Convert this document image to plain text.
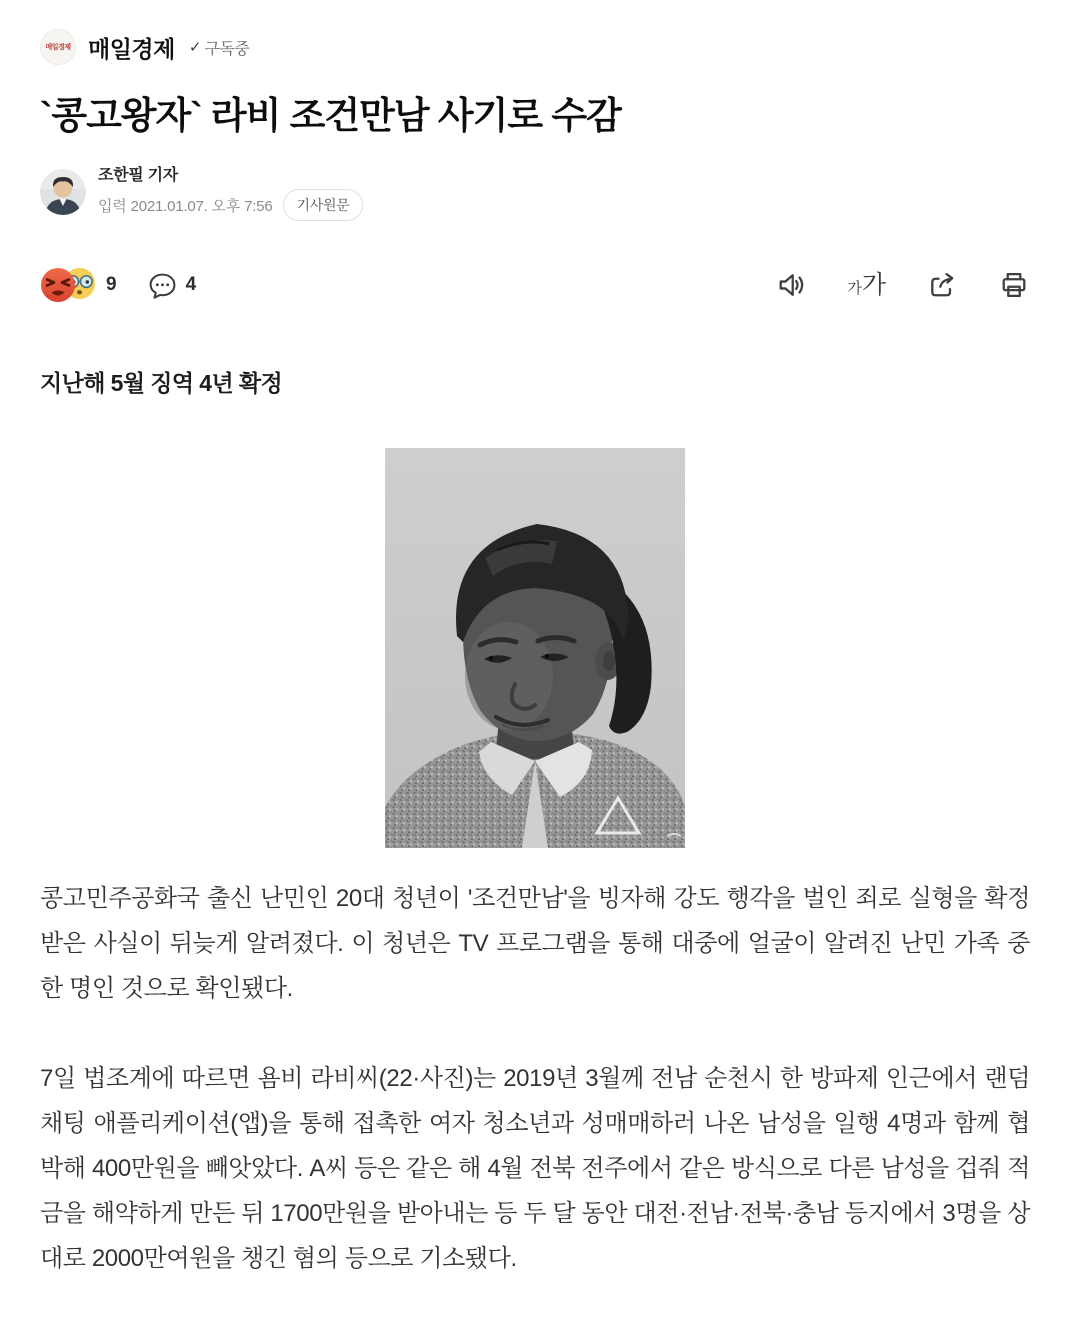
매일경제 매일경제 ✓ 구독중
`콩고왕자` 라비 조건만남 사기로 수감
조한필 기자
입력 2021.01.07. 오후 7:56	기사원문
9	4	가 가
지난해 5월 징역 4년 확정

콩고민주공화국 출신 난민인 20대 청년이 '조건만남'을 빙자해 강도 행각을 벌인 죄로 실형을 확정받은 사실이 뒤늦게 알려졌다. 이 청년은 TV 프로그램을 통해 대중에 얼굴이 알려진 난민 가족 중 한 명인 것으로 확인됐다.

7일 법조계에 따르면 욤비 라비씨(22·사진)는 2019년 3월께 전남 순천시 한 방파제 인근에서 랜덤 채팅 애플리케이션(앱)을 통해 접촉한 여자 청소년과 성매매하러 나온 남성을 일행 4명과 함께 협박해 400만원을 빼앗았다. A씨 등은 같은 해 4월 전북 전주에서 같은 방식으로 다른 남성을 겁줘 적금을 해약하게 만든 뒤 1700만원을 받아내는 등 두 달 동안 대전·전남·전북·충남 등지에서 3명을 상대로 2000만여원을 챙긴 혐의 등으로 기소됐다.
